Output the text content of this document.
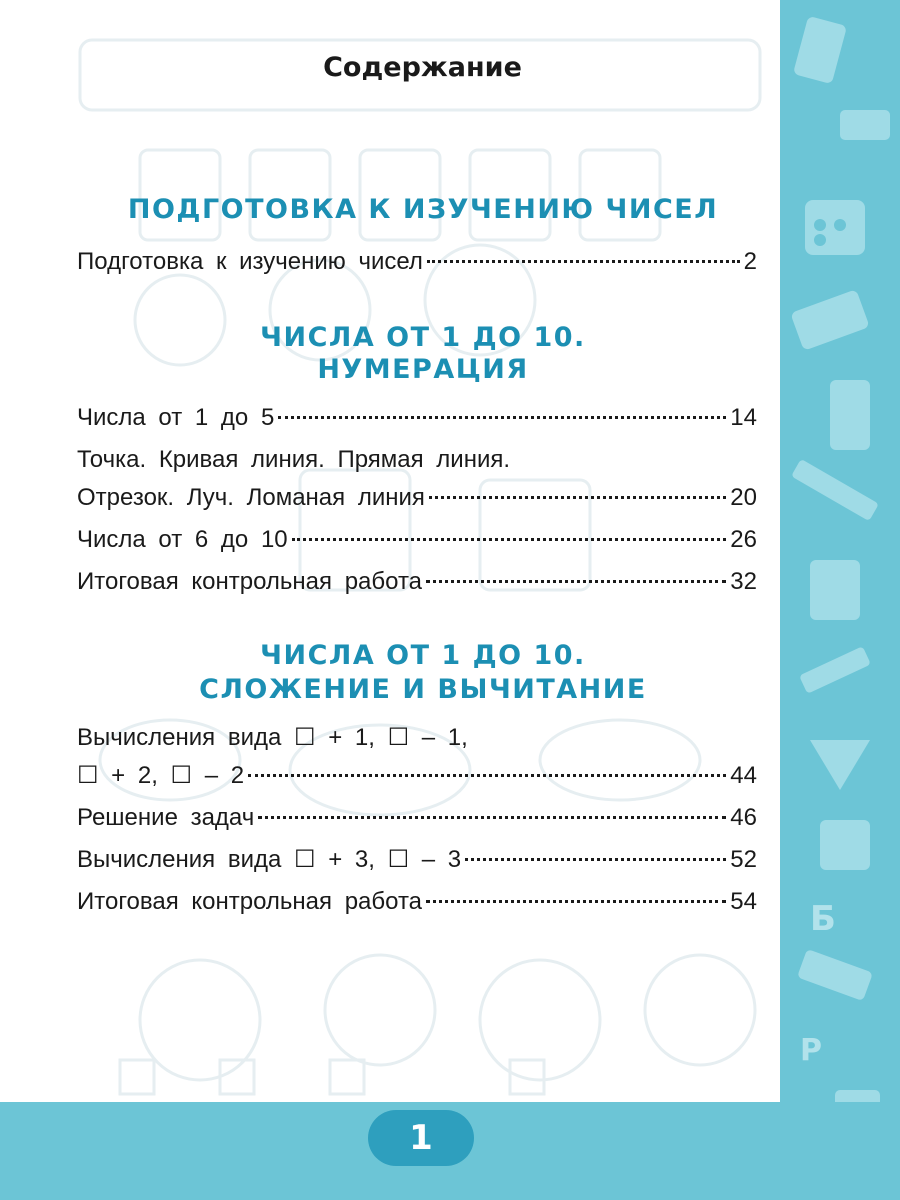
Б
Р
1
Содержание
ПОДГОТОВКА К ИЗУЧЕНИЮ ЧИСЕЛ
Подготовка к изучению чисел	2
ЧИСЛА ОТ 1 ДО 10.
НУМЕРАЦИЯ
Числа от 1 до 5	14
Точка. Кривая линия. Прямая линия.
Отрезок. Луч. Ломаная линия	20
Числа от 6 до 10	26
Итоговая контрольная работа	32
ЧИСЛА ОТ 1 ДО 10.
СЛОЖЕНИЕ И ВЫЧИТАНИЕ
Вычисления вида ☐ + 1, ☐ – 1,
☐ + 2, ☐ – 2	44
Решение задач	46
Вычисления вида ☐ + 3, ☐ – 3	52
Итоговая контрольная работа	54
